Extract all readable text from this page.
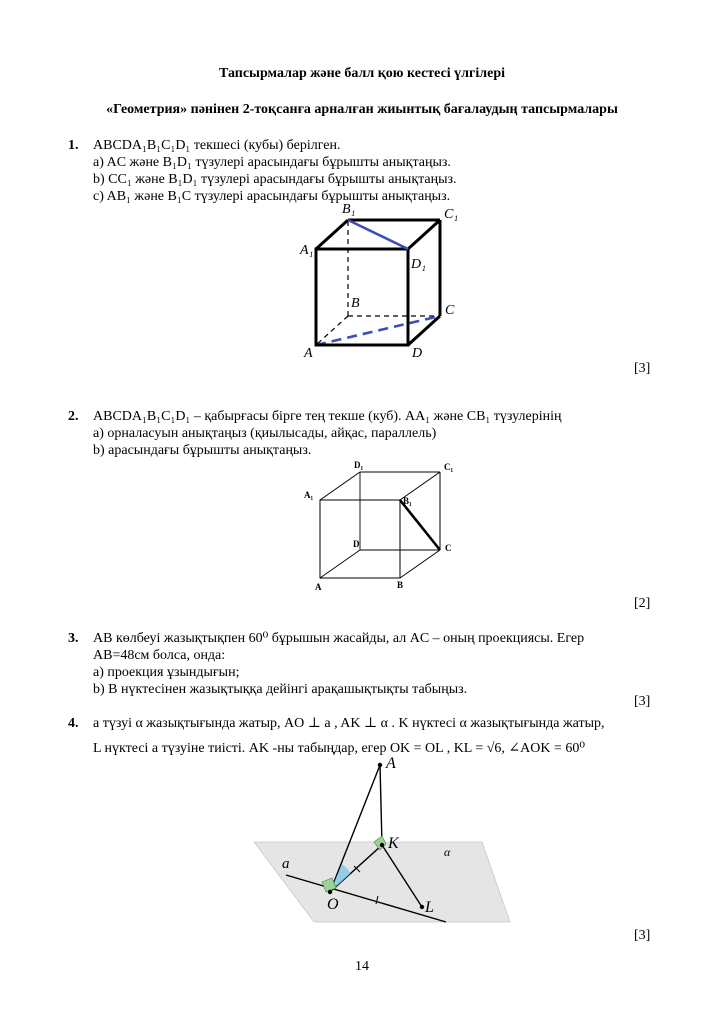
Тапсырмалар және балл қою кестесі үлгілері
«Геометрия» пәнінен 2-тоқсанға арналған жиынтық бағалаудың тапсырмалары
1. ABCDA₁B₁C₁D₁ текшесі (кубы) берілген.
a) AC және B₁D₁ түзулері арасындағы бұрышты анықтаңыз.
b) CC₁ және B₁D₁ түзулері арасындағы бұрышты анықтаңыз.
c) AB₁ және B₁C түзулері арасындағы бұрышты анықтаңыз.
B₁	C₁
A₁
D₁
B	C
A	D
[3]
2. ABCDA₁B₁C₁D₁ – қабырғасы бірге тең текше (куб). AA₁ және CB₁ түзулерінің
a) орналасуын анықтаңыз (қиылысады, айқас, параллель)
b) арасындағы бұрышты анықтаңыз.
D₁	C₁
A₁
B₁
D	C
A	B
[2]
3. AB көлбеуі жазықтықпен 60⁰ бұрышын жасайды, ал AC – оның проекциясы. Егер
AB=48см болса, онда:
a) проекция ұзындығын;
b) B нүктесінен жазықтыққа дейінгі арақашықтықты табыңыз.
[3]
4. a түзуі α жазықтығында жатыр, AO ⊥ a , AK ⊥ α . K нүктесі α жазықтығында жатыр,
L нүктесі a түзуіне тиісті. AK -ны табыңдар, егер OK = OL , KL = √6, ∠AOK = 60⁰
A
K
O	L
a
α
[3]
14
